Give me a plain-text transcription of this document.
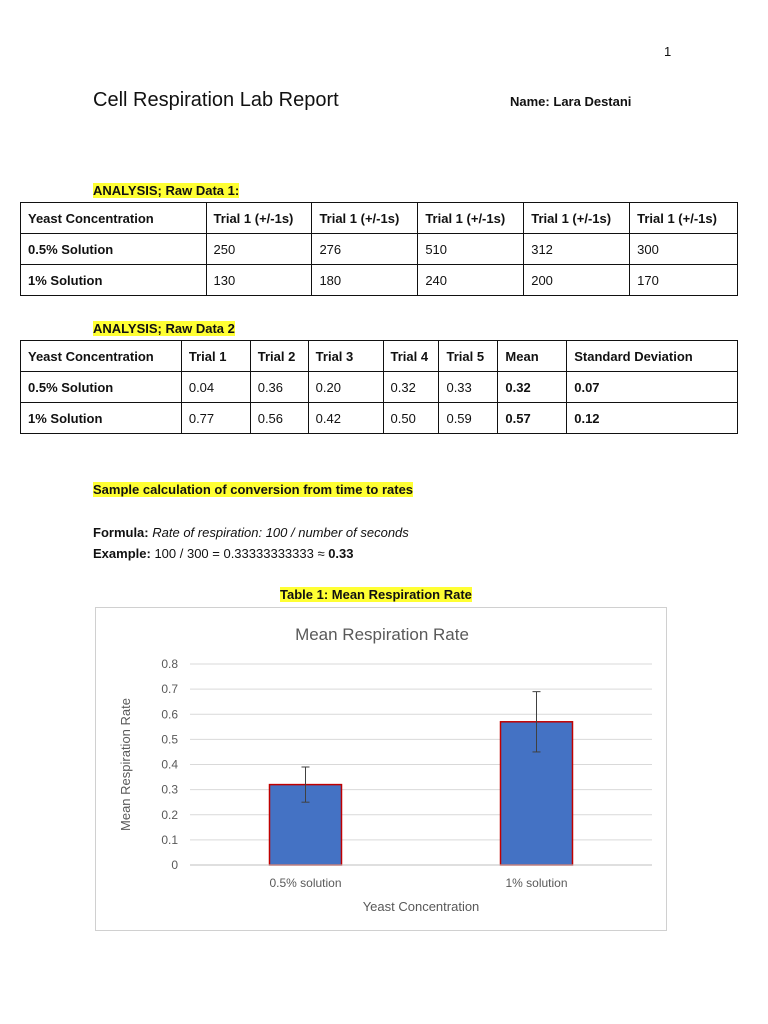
1
Cell Respiration Lab Report	Name: Lara Destani
ANALYSIS; Raw Data 1:
Yeast Concentration	Trial 1 (+/-1s)	Trial 1 (+/-1s)	Trial 1 (+/-1s)	Trial 1 (+/-1s)	Trial 1 (+/-1s)
0.5% Solution	250	276	510	312	300
1% Solution	130	180	240	200	170
ANALYSIS; Raw Data 2
Yeast Concentration	Trial 1	Trial 2	Trial 3	Trial 4	Trial 5	Mean	Standard Deviation
0.5% Solution	0.04	0.36	0.20	0.32	0.33	0.32	0.07
1% Solution	0.77	0.56	0.42	0.50	0.59	0.57	0.12
Sample calculation of conversion from time to rates
Formula: Rate of respiration: 100 / number of seconds
Example: 100 / 300 = 0.33333333333 ≈ 0.33
Table 1: Mean Respiration Rate
Mean Respiration Rate
0
0.1
0.2
0.3
0.4
0.5
0.6
0.7
0.8
0.5% solution	1% solution
Yeast Concentration
Mean Respiration Rate
